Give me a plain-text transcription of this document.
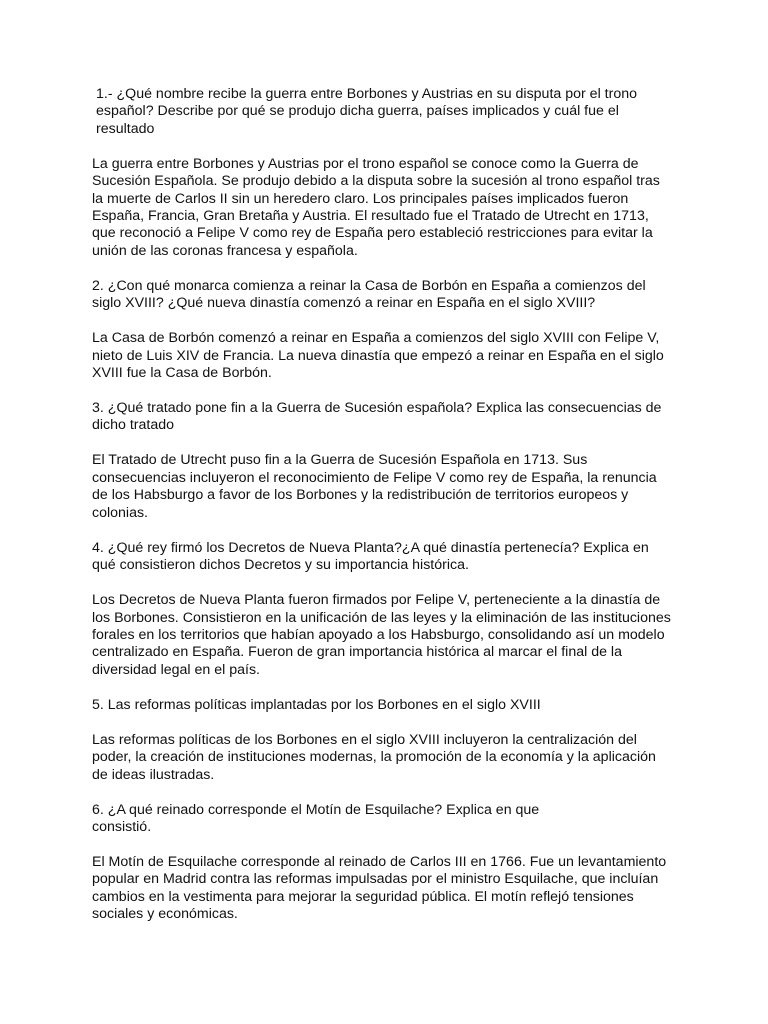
1.- ¿Qué nombre recibe la guerra entre Borbones y Austrias en su disputa por el trono
español? Describe por qué se produjo dicha guerra, países implicados y cuál fue el
resultado

La guerra entre Borbones y Austrias por el trono español se conoce como la Guerra de
Sucesión Española. Se produjo debido a la disputa sobre la sucesión al trono español tras
la muerte de Carlos II sin un heredero claro. Los principales países implicados fueron
España, Francia, Gran Bretaña y Austria. El resultado fue el Tratado de Utrecht en 1713,
que reconoció a Felipe V como rey de España pero estableció restricciones para evitar la
unión de las coronas francesa y española.

2. ¿Con qué monarca comienza a reinar la Casa de Borbón en España a comienzos del
siglo XVIII? ¿Qué nueva dinastía comenzó a reinar en España en el siglo XVIII?

La Casa de Borbón comenzó a reinar en España a comienzos del siglo XVIII con Felipe V,
nieto de Luis XIV de Francia. La nueva dinastía que empezó a reinar en España en el siglo
XVIII fue la Casa de Borbón.

3. ¿Qué tratado pone fin a la Guerra de Sucesión española? Explica las consecuencias de
dicho tratado

El Tratado de Utrecht puso fin a la Guerra de Sucesión Española en 1713. Sus
consecuencias incluyeron el reconocimiento de Felipe V como rey de España, la renuncia
de los Habsburgo a favor de los Borbones y la redistribución de territorios europeos y
colonias.

4. ¿Qué rey firmó los Decretos de Nueva Planta?¿A qué dinastía pertenecía? Explica en
qué consistieron dichos Decretos y su importancia histórica.

Los Decretos de Nueva Planta fueron firmados por Felipe V, perteneciente a la dinastía de
los Borbones. Consistieron en la unificación de las leyes y la eliminación de las instituciones
forales en los territorios que habían apoyado a los Habsburgo, consolidando así un modelo
centralizado en España. Fueron de gran importancia histórica al marcar el final de la
diversidad legal en el país.

5. Las reformas políticas implantadas por los Borbones en el siglo XVIII

Las reformas políticas de los Borbones en el siglo XVIII incluyeron la centralización del
poder, la creación de instituciones modernas, la promoción de la economía y la aplicación
de ideas ilustradas.

6. ¿A qué reinado corresponde el Motín de Esquilache? Explica en que
consistió.

El Motín de Esquilache corresponde al reinado de Carlos III en 1766. Fue un levantamiento
popular en Madrid contra las reformas impulsadas por el ministro Esquilache, que incluían
cambios en la vestimenta para mejorar la seguridad pública. El motín reflejó tensiones
sociales y económicas.
